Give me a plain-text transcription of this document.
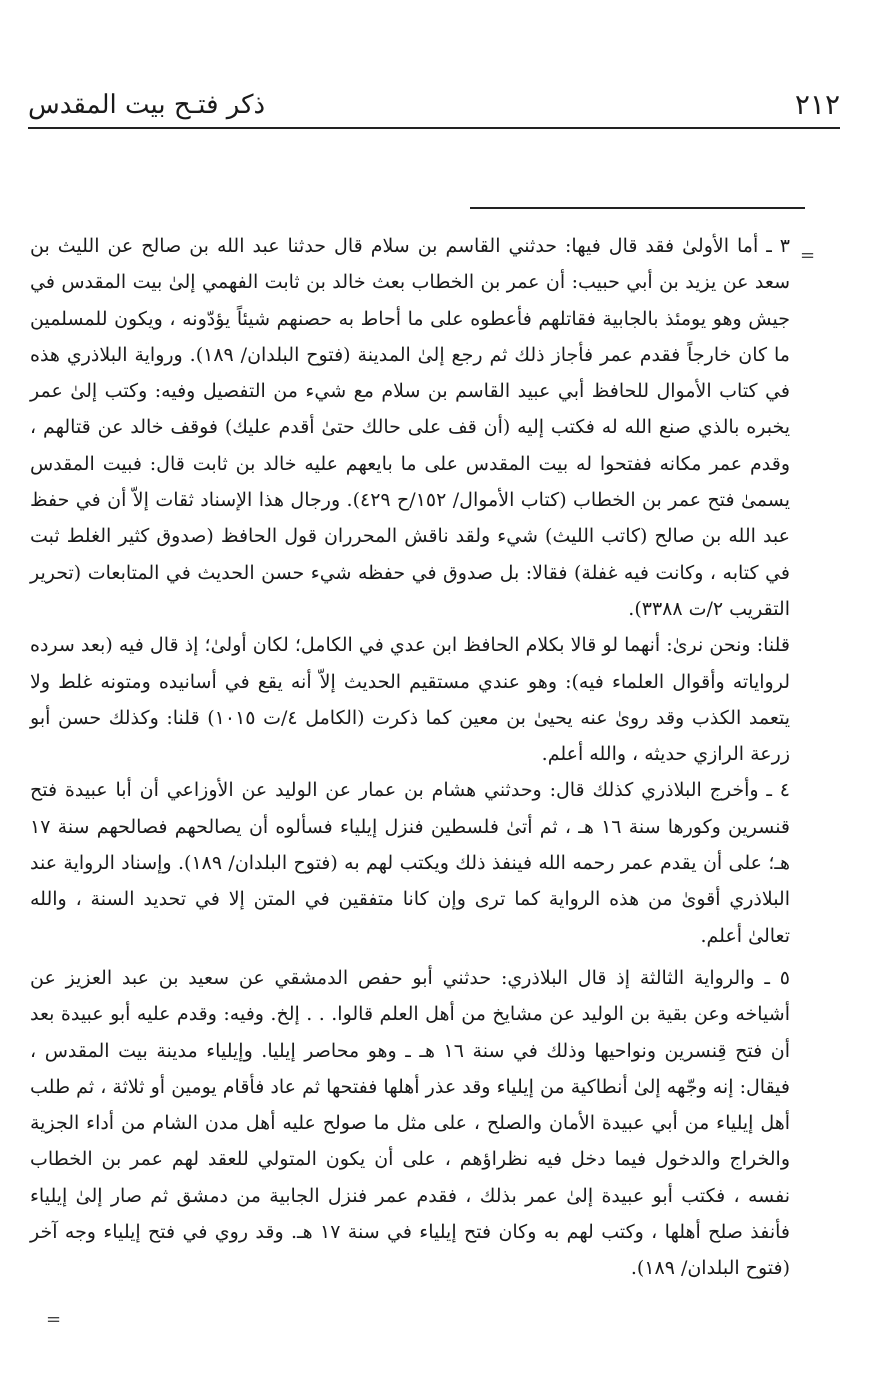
٢١٢
ذكر فتـح بيت المقدس
=

٣ ـ أما الأولىٰ فقد قال فيها: حدثني القاسم بن سلام قال حدثنا عبد الله بن صالح عن الليث بن سعد عن يزيد بن أبي حبيب: أن عمر بن الخطاب بعث خالد بن ثابت الفهمي إلىٰ بيت المقدس في جيش وهو يومئذ بالجابية فقاتلهم فأعطوه على ما أحاط به حصنهم شيئاً يؤدّونه ، ويكون للمسلمين ما كان خارجاً فقدم عمر فأجاز ذلك ثم رجع إلىٰ المدينة (فتوح البلدان/ ١٨٩). ورواية البلاذري هذه في كتاب الأموال للحافظ أبي عبيد القاسم بن سلام مع شيء من التفصيل وفيه: وكتب إلىٰ عمر يخبره بالذي صنع الله له فكتب إليه (أن قف على حالك حتىٰ أقدم عليك) فوقف خالد عن قتالهم ، وقدم عمر مكانه ففتحوا له بيت المقدس على ما بايعهم عليه خالد بن ثابت قال: فبيت المقدس يسمىٰ فتح عمر بن الخطاب (كتاب الأموال/ ١٥٢/ح ٤٢٩). ورجال هذا الإسناد ثقات إلاّ أن في حفظ عبد الله بن صالح (كاتب الليث) شيء ولقد ناقش المحرران قول الحافظ (صدوق كثير الغلط ثبت في كتابه ، وكانت فيه غفلة) فقالا: بل صدوق في حفظه شيء حسن الحديث في المتابعات (تحرير التقريب ٢/ت ٣٣٨٨).

قلنا: ونحن نرىٰ: أنهما لو قالا بكلام الحافظ ابن عدي في الكامل؛ لكان أولىٰ؛ إذ قال فيه (بعد سرده لرواياته وأقوال العلماء فيه): وهو عندي مستقيم الحديث إلاّ أنه يقع في أسانيده ومتونه غلط ولا يتعمد الكذب وقد روىٰ عنه يحيىٰ بن معين كما ذكرت (الكامل ٤/ت ١٠١٥) قلنا: وكذلك حسن أبو زرعة الرازي حديثه ، والله أعلم.

٤ ـ وأخرج البلاذري كذلك قال: وحدثني هشام بن عمار عن الوليد عن الأوزاعي أن أبا عبيدة فتح قنسرين وكورها سنة ١٦ هـ ، ثم أتىٰ فلسطين فنزل إيلياء فسألوه أن يصالحهم فصالحهم سنة ١٧ هـ؛ على أن يقدم عمر رحمه الله فينفذ ذلك ويكتب لهم به (فتوح البلدان/ ١٨٩). وإسناد الرواية عند البلاذري أقوىٰ من هذه الرواية كما ترى وإن كانا متفقين في المتن إلا في تحديد السنة ، والله تعالىٰ أعلم.

٥ ـ والرواية الثالثة إذ قال البلاذري: حدثني أبو حفص الدمشقي عن سعيد بن عبد العزيز عن أشياخه وعن بقية بن الوليد عن مشايخ من أهل العلم قالوا. . . إلخ. وفيه: وقدم عليه أبو عبيدة بعد أن فتح قِنسرين ونواحيها وذلك في سنة ١٦ هـ ـ وهو محاصر إيليا. وإيلياء مدينة بيت المقدس ، فيقال: إنه وجّهه إلىٰ أنطاكية من إيلياء وقد عذر أهلها ففتحها ثم عاد فأقام يومين أو ثلاثة ، ثم طلب أهل إيلياء من أبي عبيدة الأمان والصلح ، على مثل ما صولح عليه أهل مدن الشام من أداء الجزية والخراج والدخول فيما دخل فيه نظراؤهم ، على أن يكون المتولي للعقد لهم عمر بن الخطاب نفسه ، فكتب أبو عبيدة إلىٰ عمر بذلك ، فقدم عمر فنزل الجابية من دمشق ثم صار إلىٰ إيلياء فأنفذ صلح أهلها ، وكتب لهم به وكان فتح إيلياء في سنة ١٧ هـ. وقد روي في فتح إيلياء وجه آخر (فتوح البلدان/ ١٨٩).

=
